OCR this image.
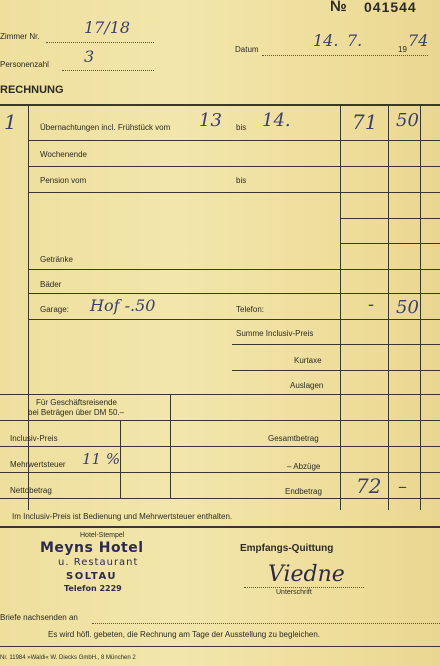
№ 041544
Zimmer Nr.	17/18
Personenzahl 3	Datum	14. 7.	19 74
RECHNUNG
1	Übernachtungen incl. Frühstück vom 13 bis 14.	71 50
Wochenende
Pension vom	bis
Getränke
Bäder
Garage: Hof -.50	Telefon:	- 50
Summe Inclusiv-Preis
Kurtaxe
Auslagen
Für Geschäftsreisende
bei Beträgen über DM 50.–
Inclusiv-Preis
Mehrwertsteuer 11 %
Nettobetrag
Gesamtbetrag
– Abzüge
Endbetrag 72 –
Im Inclusiv-Preis ist Bedienung und Mehrwertsteuer enthalten.
Hotel-Stempel
Meyns Hotel
u. Restaurant
SOLTAU
Telefon 2229
Empfangs-Quittung
Viedne
Unterschrift
Briefe nachsenden an
Es wird höfl. gebeten, die Rechnung am Tage der Ausstellung zu begleichen.
Nr. 11984 »Waldi« W. Diecks GmbH., 8 München 2
